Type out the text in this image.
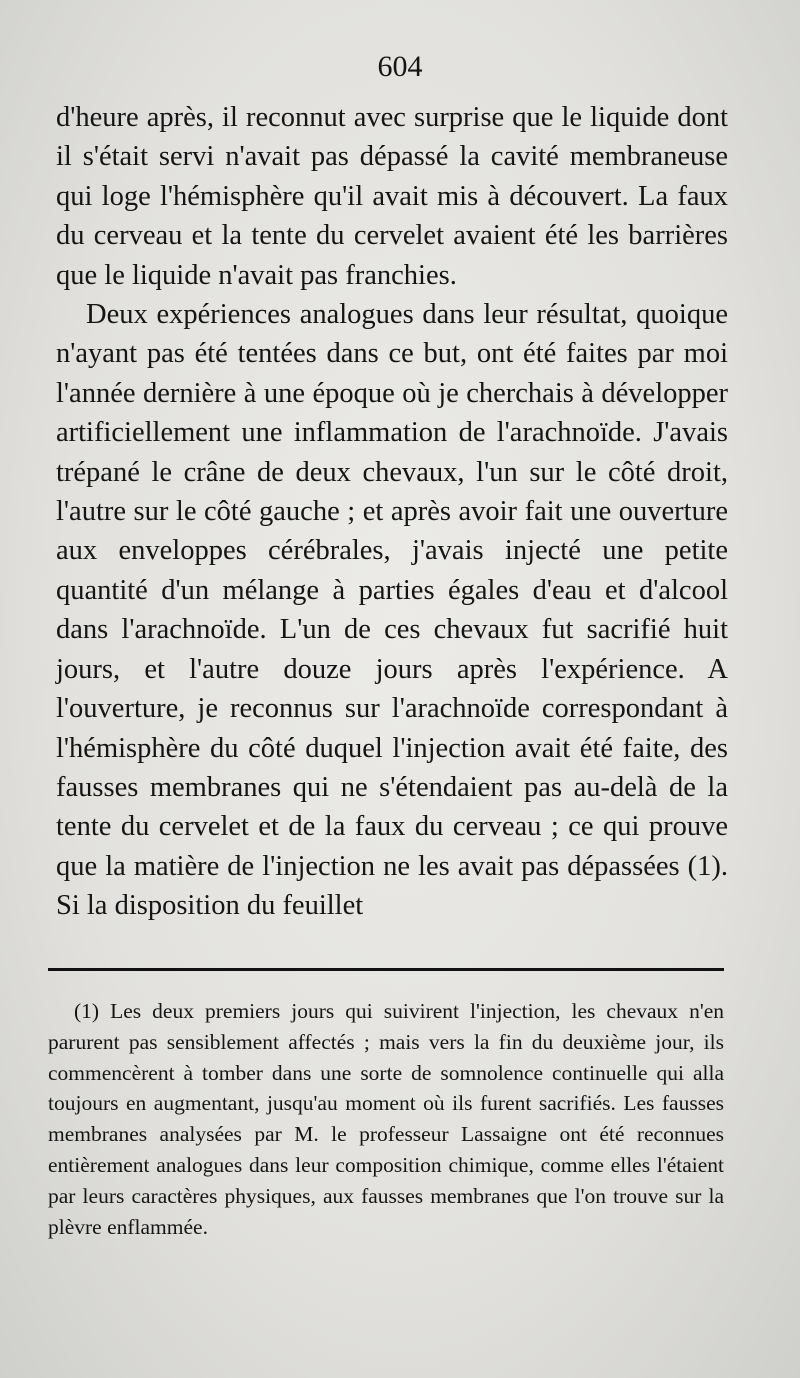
604

d'heure après, il reconnut avec surprise que le liquide dont il s'était servi n'avait pas dépassé la cavité membraneuse qui loge l'hémisphère qu'il avait mis à découvert. La faux du cerveau et la tente du cervelet avaient été les barrières que le liquide n'avait pas franchies.

Deux expériences analogues dans leur résultat, quoique n'ayant pas été tentées dans ce but, ont été faites par moi l'année dernière à une époque où je cherchais à développer artificiellement une inflammation de l'arachnoïde. J'avais trépané le crâne de deux chevaux, l'un sur le côté droit, l'autre sur le côté gauche ; et après avoir fait une ouverture aux enveloppes cérébrales, j'avais injecté une petite quantité d'un mélange à parties égales d'eau et d'alcool dans l'arachnoïde. L'un de ces chevaux fut sacrifié huit jours, et l'autre douze jours après l'expérience. A l'ouverture, je reconnus sur l'arachnoïde correspondant à l'hémisphère du côté duquel l'injection avait été faite, des fausses membranes qui ne s'étendaient pas au-delà de la tente du cervelet et de la faux du cerveau ; ce qui prouve que la matière de l'injection ne les avait pas dépassées (1). Si la disposition du feuillet

(1) Les deux premiers jours qui suivirent l'injection, les chevaux n'en parurent pas sensiblement affectés ; mais vers la fin du deuxième jour, ils commencèrent à tomber dans une sorte de somnolence continuelle qui alla toujours en augmentant, jusqu'au moment où ils furent sacrifiés. Les fausses membranes analysées par M. le professeur Lassaigne ont été reconnues entièrement analogues dans leur composition chimique, comme elles l'étaient par leurs caractères physiques, aux fausses membranes que l'on trouve sur la plèvre enflammée.
